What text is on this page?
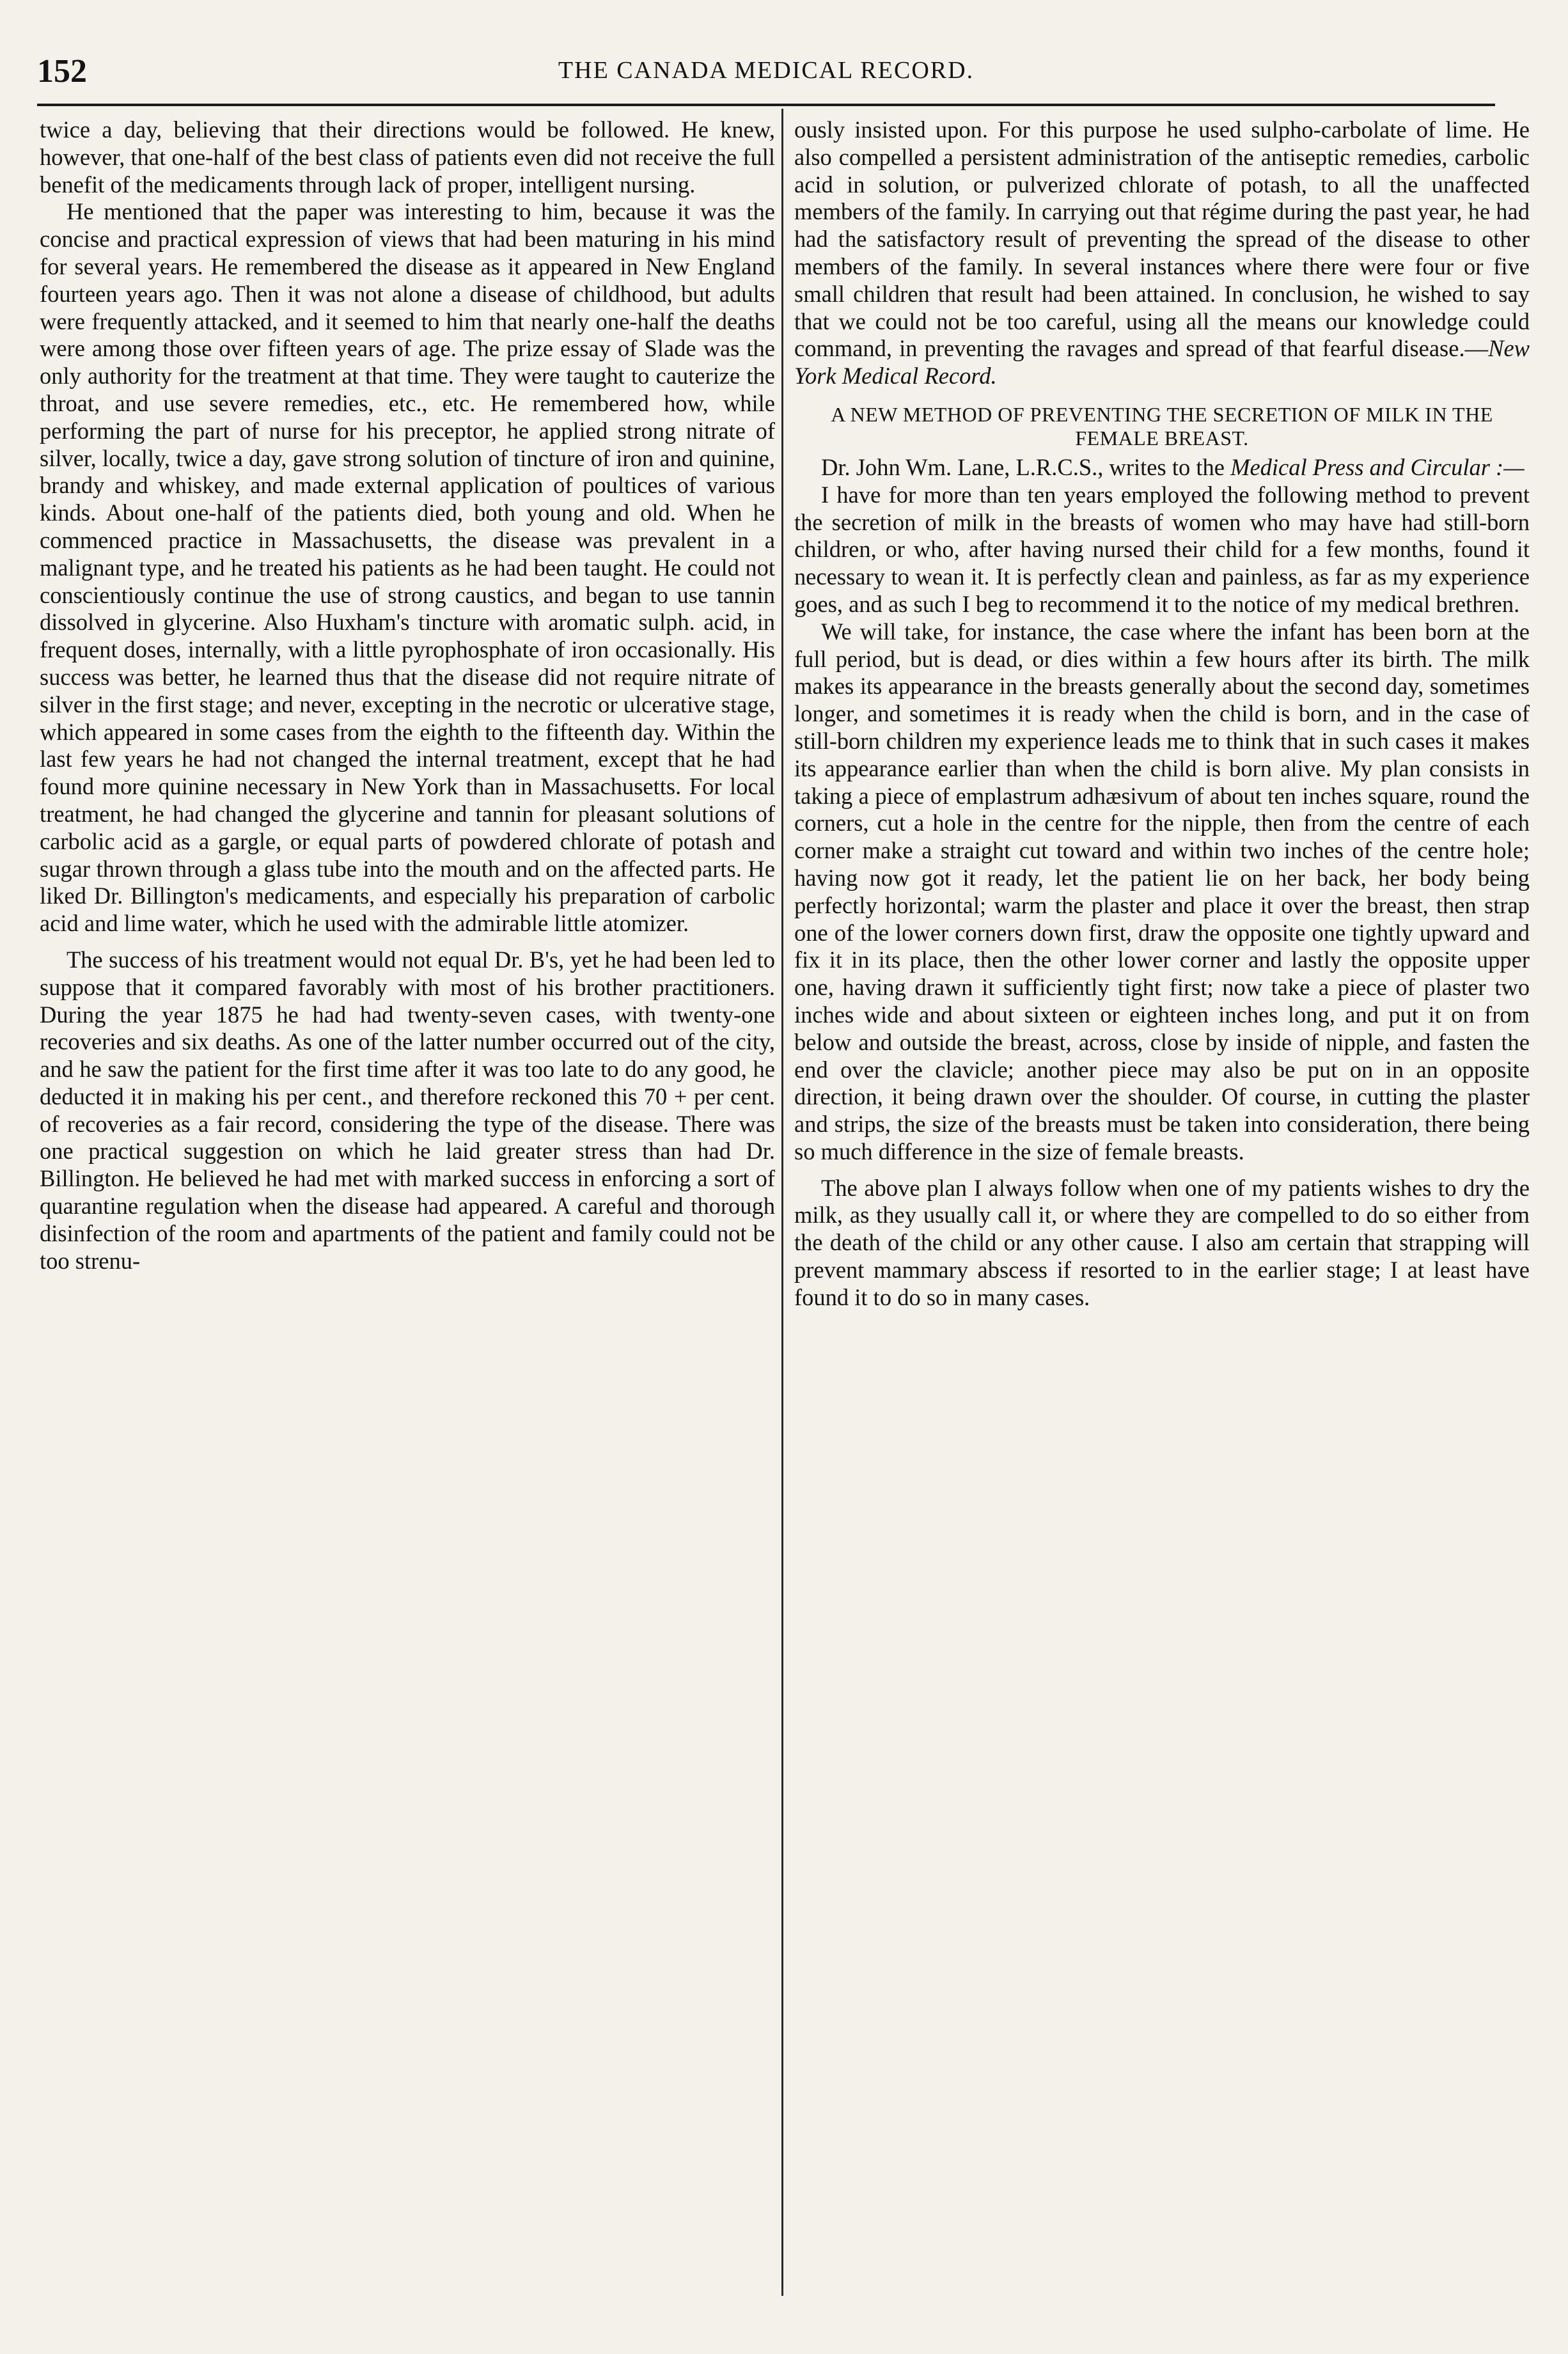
152	THE CANADA MEDICAL RECORD.

twice a day, believing that their directions would be followed. He knew, however, that one-half of the best class of patients even did not receive the full benefit of the medicaments through lack of proper, intelligent nursing.

He mentioned that the paper was interesting to him, because it was the concise and practical expression of views that had been maturing in his mind for several years. He remembered the disease as it appeared in New England fourteen years ago. Then it was not alone a disease of childhood, but adults were frequently attacked, and it seemed to him that nearly one-half the deaths were among those over fifteen years of age. The prize essay of Slade was the only authority for the treatment at that time. They were taught to cauterize the throat, and use severe remedies, etc., etc. He remembered how, while performing the part of nurse for his preceptor, he applied strong nitrate of silver, locally, twice a day, gave strong solution of tincture of iron and quinine, brandy and whiskey, and made external application of poultices of various kinds. About one-half of the patients died, both young and old. When he commenced practice in Massachusetts, the disease was prevalent in a malignant type, and he treated his patients as he had been taught. He could not conscientiously continue the use of strong caustics, and began to use tannin dissolved in glycerine. Also Huxham's tincture with aromatic sulph. acid, in frequent doses, internally, with a little pyrophosphate of iron occasionally. His success was better, he learned thus that the disease did not require nitrate of silver in the first stage; and never, excepting in the necrotic or ulcerative stage, which appeared in some cases from the eighth to the fifteenth day. Within the last few years he had not changed the internal treatment, except that he had found more quinine necessary in New York than in Massachusetts. For local treatment, he had changed the glycerine and tannin for pleasant solutions of carbolic acid as a gargle, or equal parts of powdered chlorate of potash and sugar thrown through a glass tube into the mouth and on the affected parts. He liked Dr. Billington's medicaments, and especially his preparation of carbolic acid and lime water, which he used with the admirable little atomizer.

The success of his treatment would not equal Dr. B's, yet he had been led to suppose that it compared favorably with most of his brother practitioners. During the year 1875 he had had twenty-seven cases, with twenty-one recoveries and six deaths. As one of the latter number occurred out of the city, and he saw the patient for the first time after it was too late to do any good, he deducted it in making his per cent., and therefore reckoned this 70 + per cent. of recoveries as a fair record, considering the type of the disease. There was one practical suggestion on which he laid greater stress than had Dr. Billington. He believed he had met with marked success in enforcing a sort of quarantine regulation when the disease had appeared. A careful and thorough disinfection of the room and apartments of the patient and family could not be too strenu-

ously insisted upon. For this purpose he used sulpho-carbolate of lime. He also compelled a persistent administration of the antiseptic remedies, carbolic acid in solution, or pulverized chlorate of potash, to all the unaffected members of the family. In carrying out that régime during the past year, he had had the satisfactory result of preventing the spread of the disease to other members of the family. In several instances where there were four or five small children that result had been attained. In conclusion, he wished to say that we could not be too careful, using all the means our knowledge could command, in preventing the ravages and spread of that fearful disease.—New York Medical Record.

A NEW METHOD OF PREVENTING THE SECRETION OF MILK IN THE FEMALE BREAST.

Dr. John Wm. Lane, L.R.C.S., writes to the Medical Press and Circular :—

I have for more than ten years employed the following method to prevent the secretion of milk in the breasts of women who may have had still-born children, or who, after having nursed their child for a few months, found it necessary to wean it. It is perfectly clean and painless, as far as my experience goes, and as such I beg to recommend it to the notice of my medical brethren.

We will take, for instance, the case where the infant has been born at the full period, but is dead, or dies within a few hours after its birth. The milk makes its appearance in the breasts generally about the second day, sometimes longer, and sometimes it is ready when the child is born, and in the case of still-born children my experience leads me to think that in such cases it makes its appearance earlier than when the child is born alive. My plan consists in taking a piece of emplastrum adhæsivum of about ten inches square, round the corners, cut a hole in the centre for the nipple, then from the centre of each corner make a straight cut toward and within two inches of the centre hole; having now got it ready, let the patient lie on her back, her body being perfectly horizontal; warm the plaster and place it over the breast, then strap one of the lower corners down first, draw the opposite one tightly upward and fix it in its place, then the other lower corner and lastly the opposite upper one, having drawn it sufficiently tight first; now take a piece of plaster two inches wide and about sixteen or eighteen inches long, and put it on from below and outside the breast, across, close by inside of nipple, and fasten the end over the clavicle; another piece may also be put on in an opposite direction, it being drawn over the shoulder. Of course, in cutting the plaster and strips, the size of the breasts must be taken into consideration, there being so much difference in the size of female breasts.

The above plan I always follow when one of my patients wishes to dry the milk, as they usually call it, or where they are compelled to do so either from the death of the child or any other cause. I also am certain that strapping will prevent mammary abscess if resorted to in the earlier stage; I at least have found it to do so in many cases.
